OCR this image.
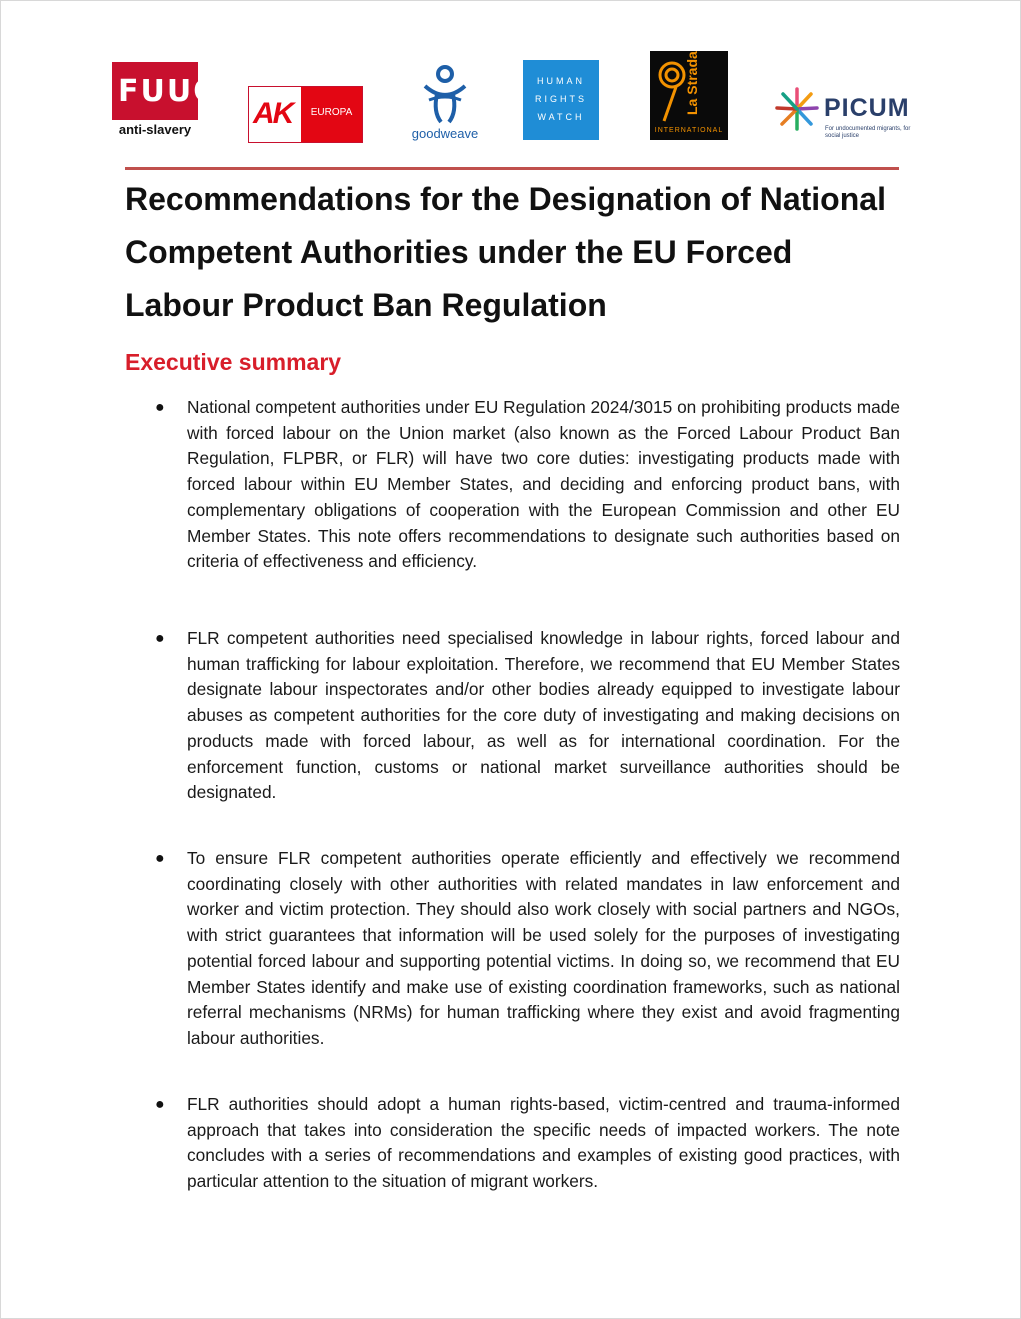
FUUO
anti-slavery	AK	EUROPA
goodweave
HUMAN
RIGHTS
WATCH
La Strada
INTERNATIONAL
PICUM
For undocumented migrants, for social justice
Recommendations for the Designation of National Competent Authorities under the EU Forced Labour Product Ban Regulation
Executive summary
● National competent authorities under EU Regulation 2024/3015 on prohibiting products made with forced labour on the Union market (also known as the Forced Labour Product Ban Regulation, FLPBR, or FLR) will have two core duties: investigating products made with forced labour within EU Member States, and deciding and enforcing product bans, with complementary obligations of cooperation with the European Commission and other EU Member States. This note offers recommendations to designate such authorities based on criteria of effectiveness and efficiency.
● FLR competent authorities need specialised knowledge in labour rights, forced labour and human trafficking for labour exploitation. Therefore, we recommend that EU Member States designate labour inspectorates and/or other bodies already equipped to investigate labour abuses as competent authorities for the core duty of investigating and making decisions on products made with forced labour, as well as for international coordination. For the enforcement function, customs or national market surveillance authorities should be designated.
● To ensure FLR competent authorities operate efficiently and effectively we recommend coordinating closely with other authorities with related mandates in law enforcement and worker and victim protection. They should also work closely with social partners and NGOs, with strict guarantees that information will be used solely for the purposes of investigating potential forced labour and supporting potential victims. In doing so, we recommend that EU Member States identify and make use of existing coordination frameworks, such as national referral mechanisms (NRMs) for human trafficking where they exist and avoid fragmenting labour authorities.
● FLR authorities should adopt a human rights-based, victim-centred and trauma-informed approach that takes into consideration the specific needs of impacted workers. The note concludes with a series of recommendations and examples of existing good practices, with particular attention to the situation of migrant workers.
